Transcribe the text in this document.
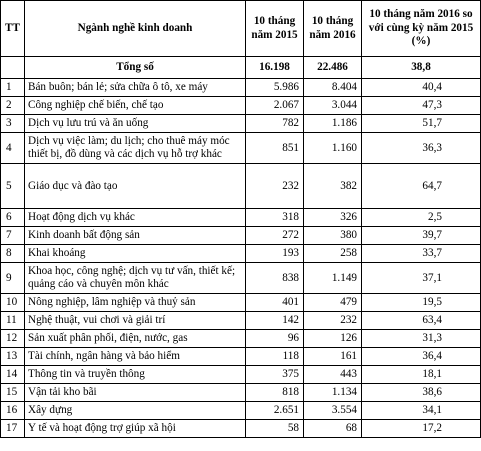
TT	Ngành nghề kinh doanh	10 tháng năm 2015	10 tháng năm 2016	10 tháng năm 2016 so với cùng kỳ năm 2015 (%)
	Tổng số	16.198	22.486	38,8
1	Bán buôn; bán lẻ; sửa chữa ô tô, xe máy	5.986	8.404	40,4
2	Công nghiệp chế biến, chế tạo	2.067	3.044	47,3
3	Dịch vụ lưu trú và ăn uống	782	1.186	51,7
4	Dịch vụ việc làm; du lịch; cho thuê máy móc thiết bị, đồ dùng và các dịch vụ hỗ trợ khác	851	1.160	36,3
5	Giáo dục và đào tạo	232	382	64,7
6	Hoạt động dịch vụ khác	318	326	2,5
7	Kinh doanh bất động sản	272	380	39,7
8	Khai khoáng	193	258	33,7
9	Khoa học, công nghệ; dịch vụ tư vấn, thiết kế; quảng cáo và chuyên môn khác	838	1.149	37,1
10	Nông nghiệp, lâm nghiệp và thuỷ sản	401	479	19,5
11	Nghệ thuật, vui chơi và giải trí	142	232	63,4
12	Sản xuất phân phối, điện, nước, gas	96	126	31,3
13	Tài chính, ngân hàng và bảo hiểm	118	161	36,4
14	Thông tin và truyền thông	375	443	18,1
15	Vận tải kho bãi	818	1.134	38,6
16	Xây dựng	2.651	3.554	34,1
17	Y tế và hoạt động trợ giúp xã hội	58	68	17,2
